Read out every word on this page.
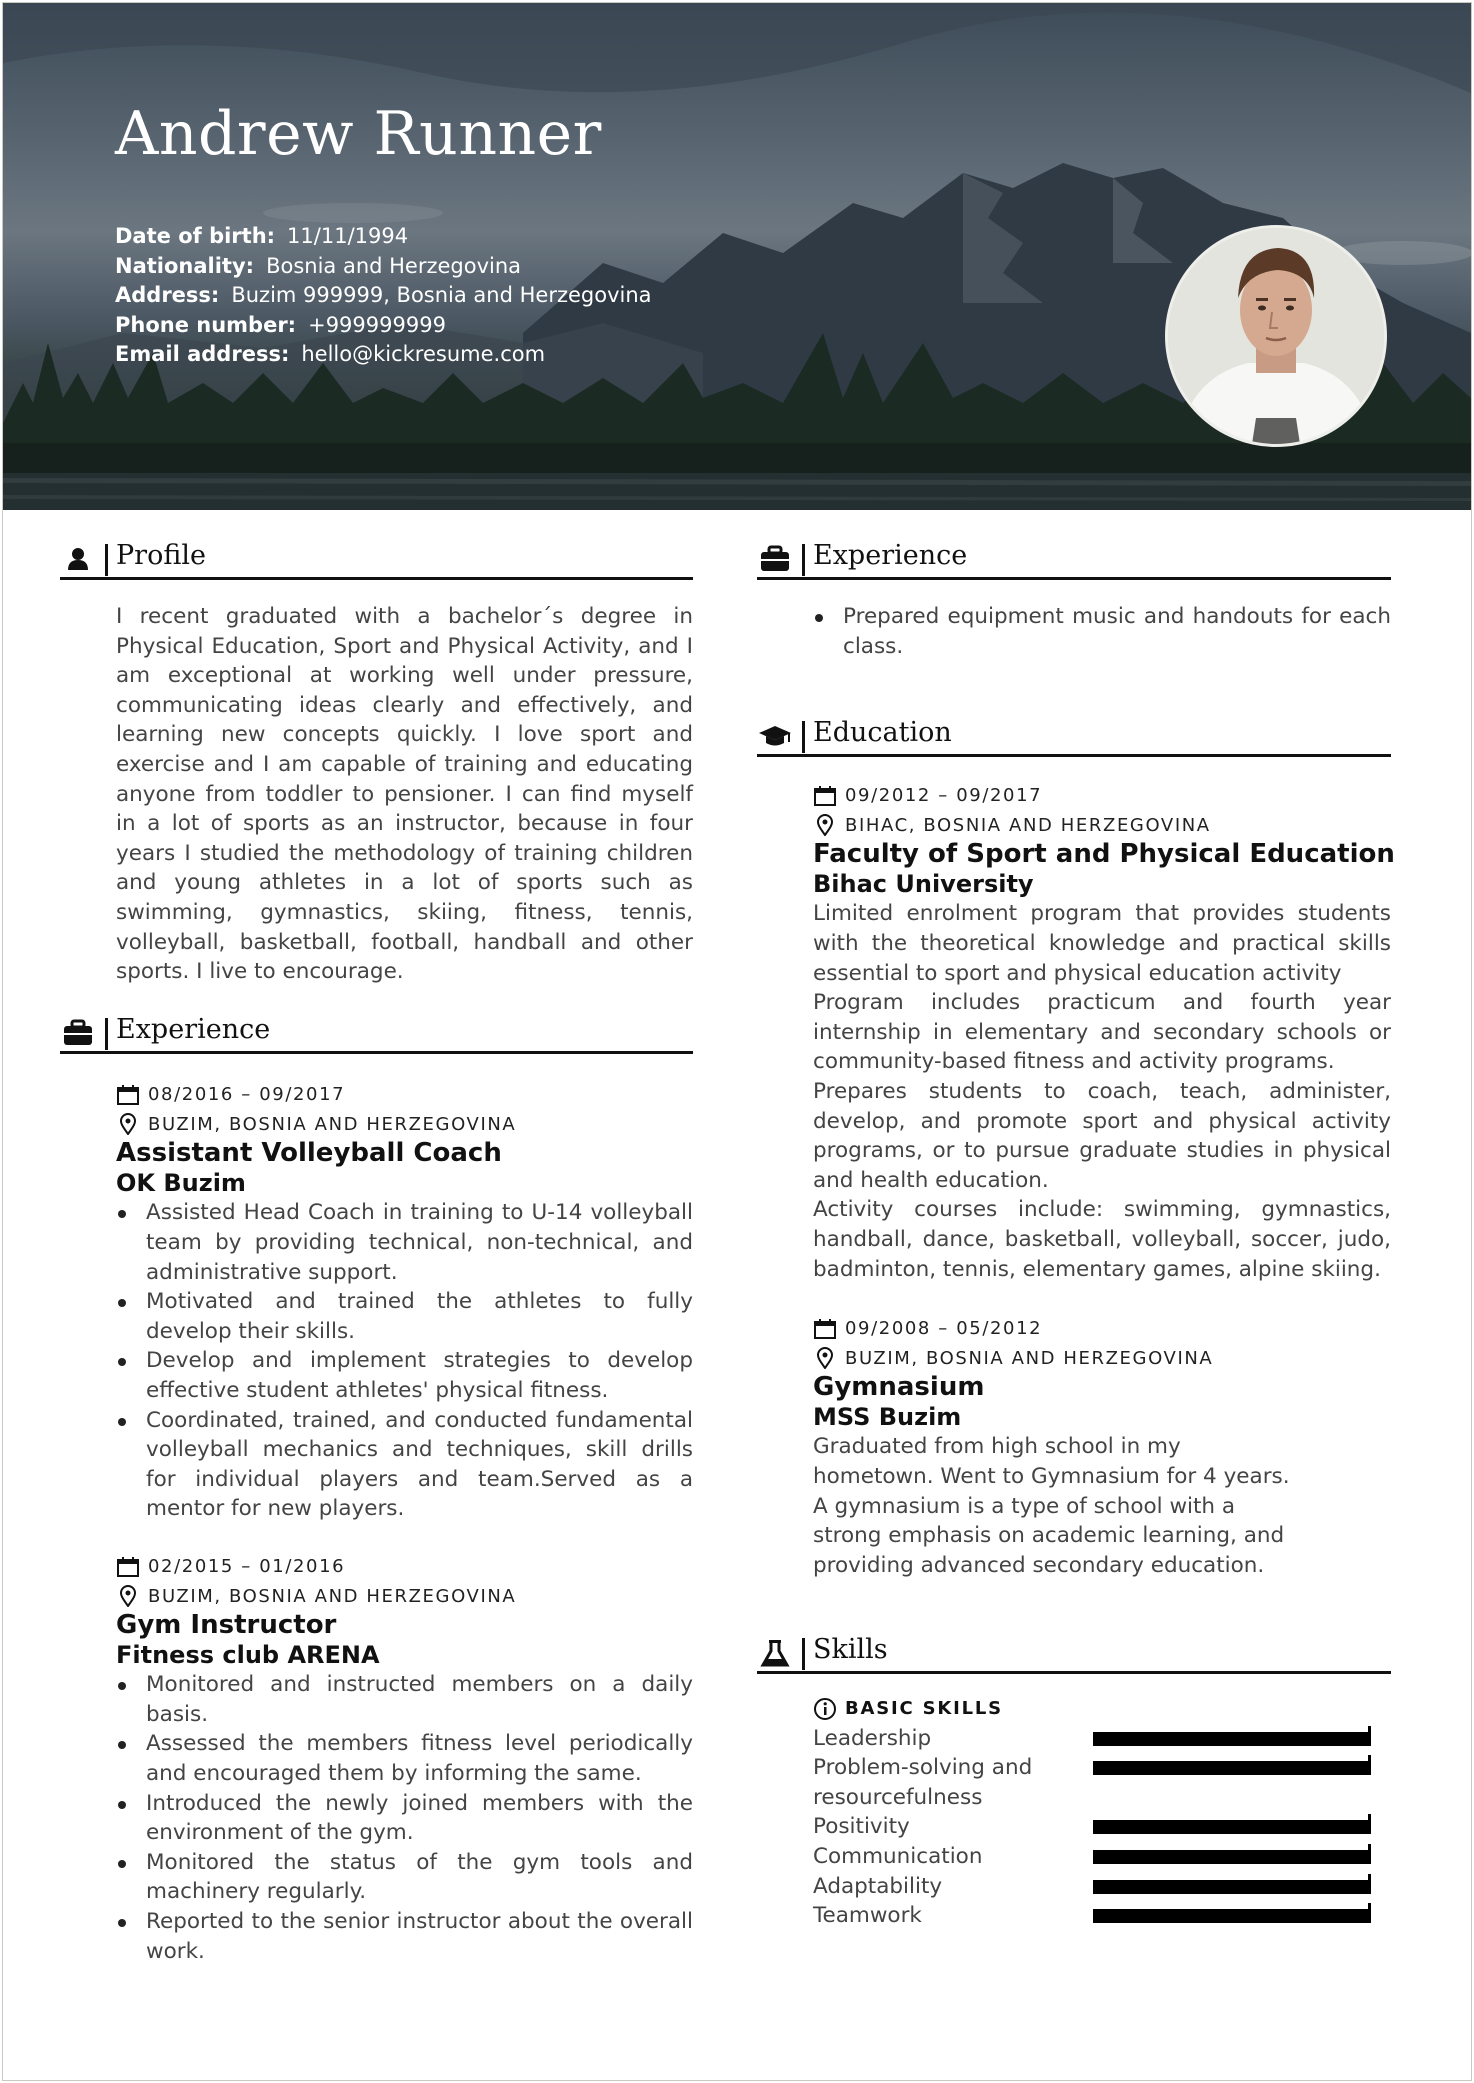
Andrew Runner
Date of birth: 11/11/1994
Nationality: Bosnia and Herzegovina
Address: Buzim 999999, Bosnia and Herzegovina
Phone number: +999999999
Email address: hello@kickresume.com
Profile

I recent graduated with a bachelor´s degree in Physical Education, Sport and Physical Activity, and I am exceptional at working well under pressure, communicating ideas clearly and effectively, and learning new concepts quickly. I love sport and exercise and I am capable of training and educating anyone from toddler to pensioner. I can find myself in a lot of sports as an instructor, because in four years I studied the methodology of training children and young athletes in a lot of sports such as swimming, gymnastics, skiing, fitness, tennis, volleyball, basketball, football, handball and other sports. I live to encourage.

Experience
08/2016 – 09/2017
BUZIM, BOSNIA AND HERZEGOVINA
Assistant Volleyball Coach
OK Buzim
Assisted Head Coach in training to U-14 volleyball team by providing technical, non-technical, and administrative support.
Motivated and trained the athletes to fully develop their skills.
Develop and implement strategies to develop effective student athletes' physical fitness.
Coordinated, trained, and conducted fundamental volleyball mechanics and techniques, skill drills for individual players and team.Served as a mentor for new players.
02/2015 – 01/2016
BUZIM, BOSNIA AND HERZEGOVINA
Gym Instructor
Fitness club ARENA
Monitored and instructed members on a daily basis.
Assessed the members fitness level periodically and encouraged them by informing the same.
Introduced the newly joined members with the environment of the gym.
Monitored the status of the gym tools and machinery regularly.
Reported to the senior instructor about the overall work.
Experience
Prepared equipment music and handouts for each class.
Education
09/2012 – 09/2017
BIHAC, BOSNIA AND HERZEGOVINA
Faculty of Sport and Physical Education
Bihac University

Limited enrolment program that provides students with the theoretical knowledge and practical skills essential to sport and physical education activity

Program includes practicum and fourth year internship in elementary and secondary schools or community-based fitness and activity programs.

Prepares students to coach, teach, administer, develop, and promote sport and physical activity programs, or to pursue graduate studies in physical and health education.

Activity courses include: swimming, gymnastics, handball, dance, basketball, volleyball, soccer, judo, badminton, tennis, elementary games, alpine skiing.

09/2008 – 05/2012
BUZIM, BOSNIA AND HERZEGOVINA
Gymnasium
MSS Buzim

Graduated from high school in my hometown. Went to Gymnasium for 4 years.

A gymnasium is a type of school with a strong emphasis on academic learning, and providing advanced secondary education.

Skills
BASIC SKILLS
Leadership
Problem-solving and resourcefulness
Positivity
Communication
Adaptability
Teamwork
